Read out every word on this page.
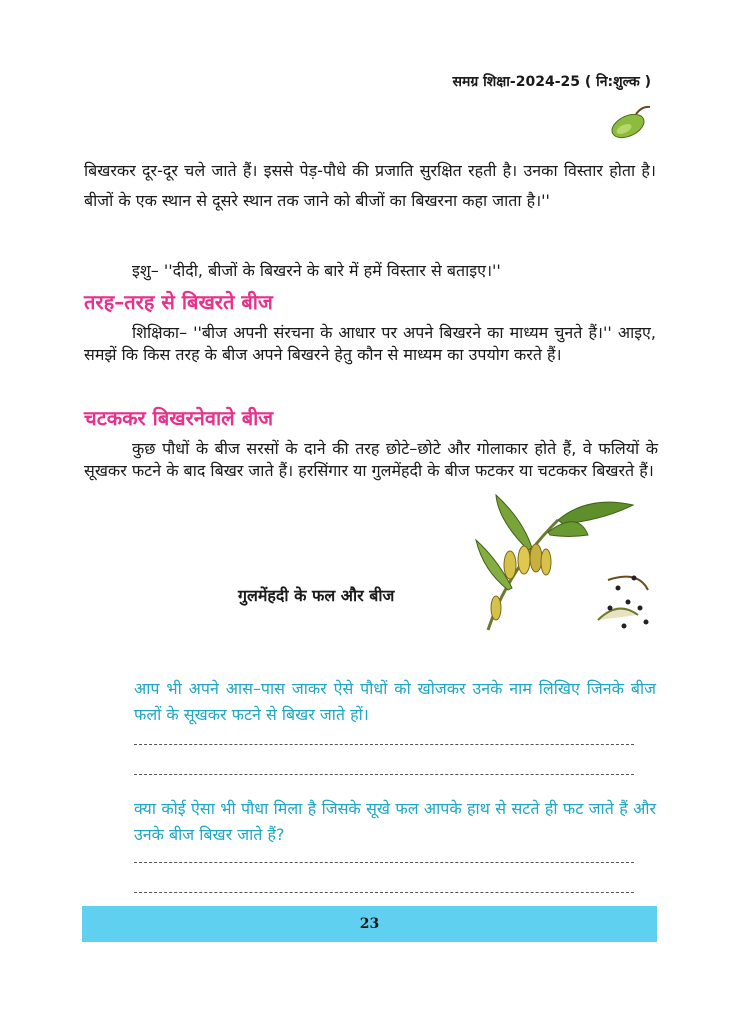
समग्र शिक्षा-2024-25 ( नि:शुल्क )
बिखरकर दूर-दूर चले जाते हैं। इससे पेड़-पौधे की प्रजाति सुरक्षित रहती है। उनका विस्तार होता है। बीजों के एक स्थान से दूसरे स्थान तक जाने को बीजों का बिखरना कहा जाता है।''
इशु– ''दीदी, बीजों के बिखरने के बारे में हमें विस्तार से बताइए।''
तरह–तरह से बिखरते बीज
शिक्षिका– ''बीज अपनी संरचना के आधार पर अपने बिखरने का माध्यम चुनते हैं।'' आइए, समझें कि किस तरह के बीज अपने बिखरने हेतु कौन से माध्यम का उपयोग करते हैं।
चटककर बिखरनेवाले बीज
कुछ पौधों के बीज सरसों के दाने की तरह छोटे–छोटे और गोलाकार होते हैं, वे फलियों के सूखकर फटने के बाद बिखर जाते हैं। हरसिंगार या गुलमेंहदी के बीज फटकर या चटककर बिखरते हैं।
गुलमेंहदी के फल और बीज
आप भी अपने आस–पास जाकर ऐसे पौधों को खोजकर उनके नाम लिखिए जिनके बीज फलों के सूखकर फटने से बिखर जाते हों।
क्या कोई ऐसा भी पौधा मिला है जिसके सूखे फल आपके हाथ से सटते ही फट जाते हैं और उनके बीज बिखर जाते हैं?
23
